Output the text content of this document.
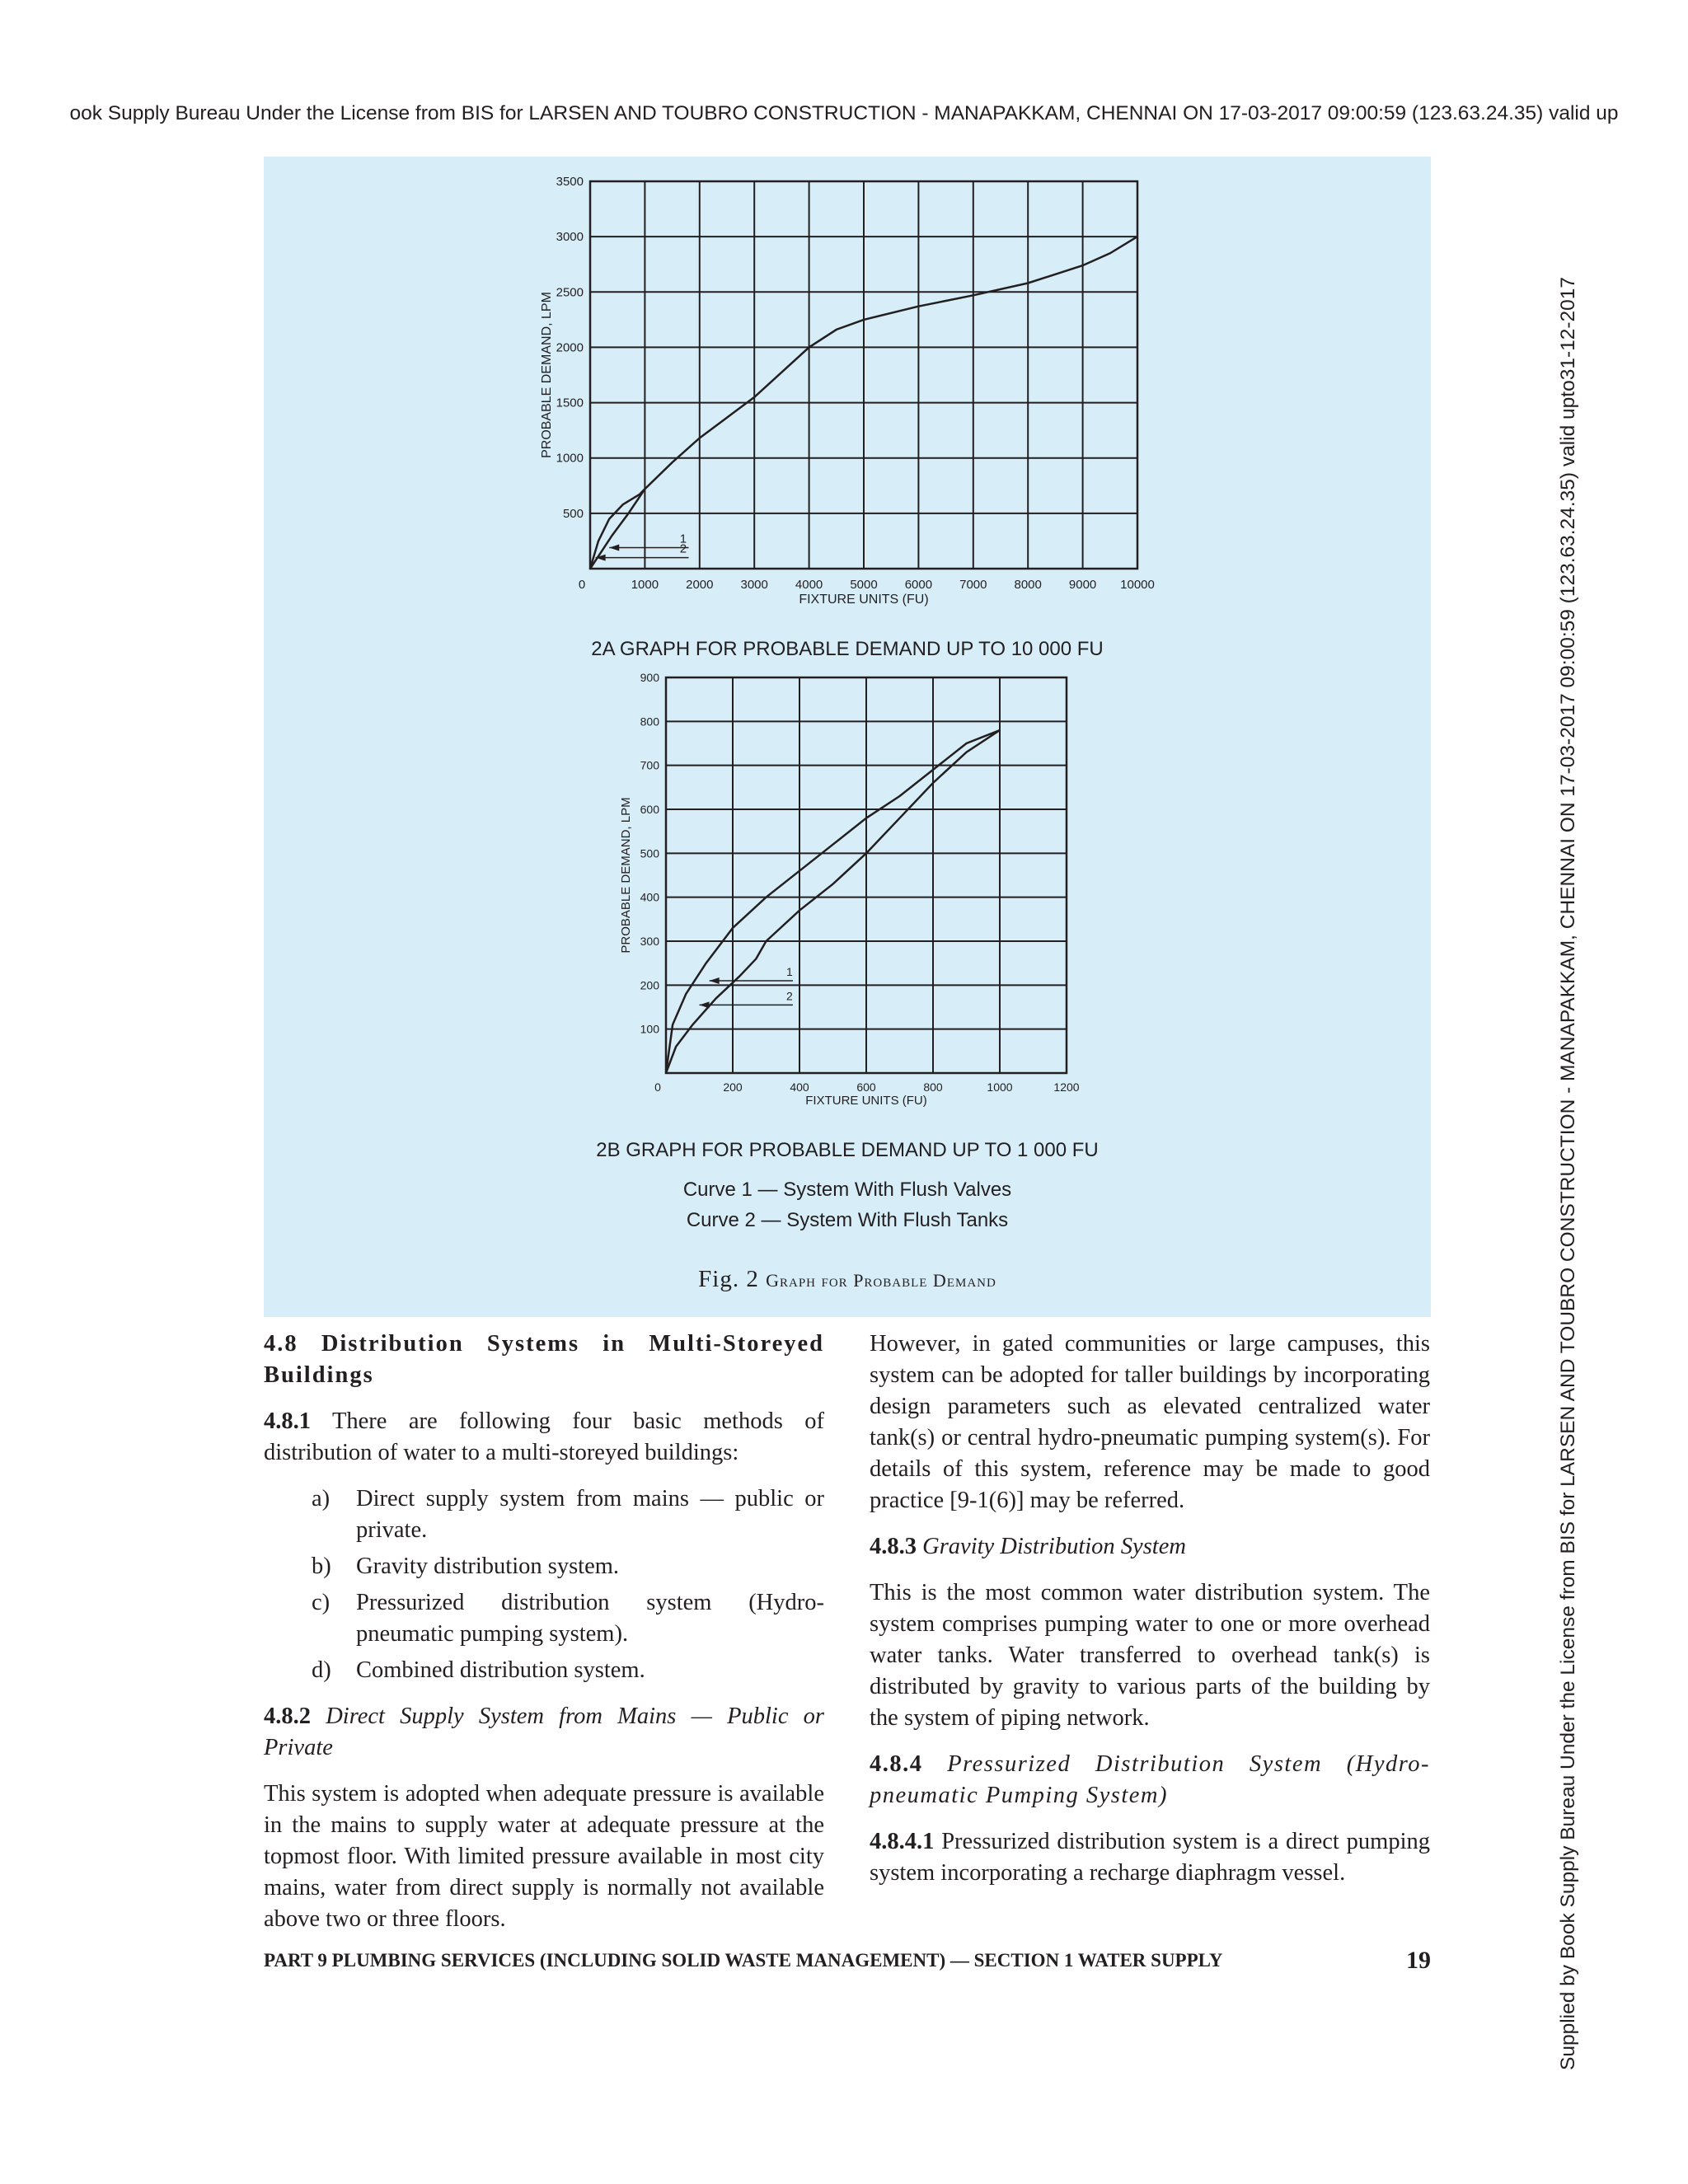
ook Supply Bureau Under the License from BIS for LARSEN AND TOUBRO CONSTRUCTION - MANAPAKKAM, CHENNAI ON 17-03-2017 09:00:59 (123.63.24.35) valid up
Supplied by Book Supply Bureau Under the License from BIS for LARSEN AND TOUBRO CONSTRUCTION - MANAPAKKAM, CHENNAI ON 17-03-2017 09:00:59 (123.63.24.35) valid upto31-12-2017
0	1000 2000 3000 4000 5000 6000 7000 8000 9000 10000
500
1000
1500
2000
2500
3000
3500
FIXTURE UNITS (FU)
PROBABLE DEMAND, LPM
1
2
2A GRAPH FOR PROBABLE DEMAND UP TO 10 000 FU
0	200	400	600	800	1000	1200
100
200
300
400
500
600
700
800
900
FIXTURE UNITS (FU)
PROBABLE DEMAND, LPM
1
2
2B GRAPH FOR PROBABLE DEMAND UP TO 1 000 FU
Curve 1 — System With Flush Valves
Curve 2 — System With Flush Tanks
Fig. 2 Graph for Probable Demand

4.8 Distribution Systems in Multi-Storeyed Buildings

4.8.1 There are following four basic methods of distribution of water to a multi-storeyed buildings:

a) Direct supply system from mains — public or private.
b) Gravity distribution system.
c) Pressurized distribution system (Hydro-pneumatic pumping system).
d) Combined distribution system.

4.8.2 Direct Supply System from Mains — Public or Private

This system is adopted when adequate pressure is available in the mains to supply water at adequate pressure at the topmost floor. With limited pressure available in most city mains, water from direct supply is normally not available above two or three floors.

However, in gated communities or large campuses, this system can be adopted for taller buildings by incorporating design parameters such as elevated centralized water tank(s) or central hydro-pneumatic pumping system(s). For details of this system, reference may be made to good practice [9-1(6)] may be referred.

4.8.3 Gravity Distribution System

This is the most common water distribution system. The system comprises pumping water to one or more overhead water tanks. Water transferred to overhead tank(s) is distributed by gravity to various parts of the building by the system of piping network.

4.8.4 Pressurized Distribution System (Hydro-pneumatic Pumping System)

4.8.4.1 Pressurized distribution system is a direct pumping system incorporating a recharge diaphragm vessel.

PART 9 PLUMBING SERVICES (INCLUDING SOLID WASTE MANAGEMENT) — SECTION 1 WATER SUPPLY	19
